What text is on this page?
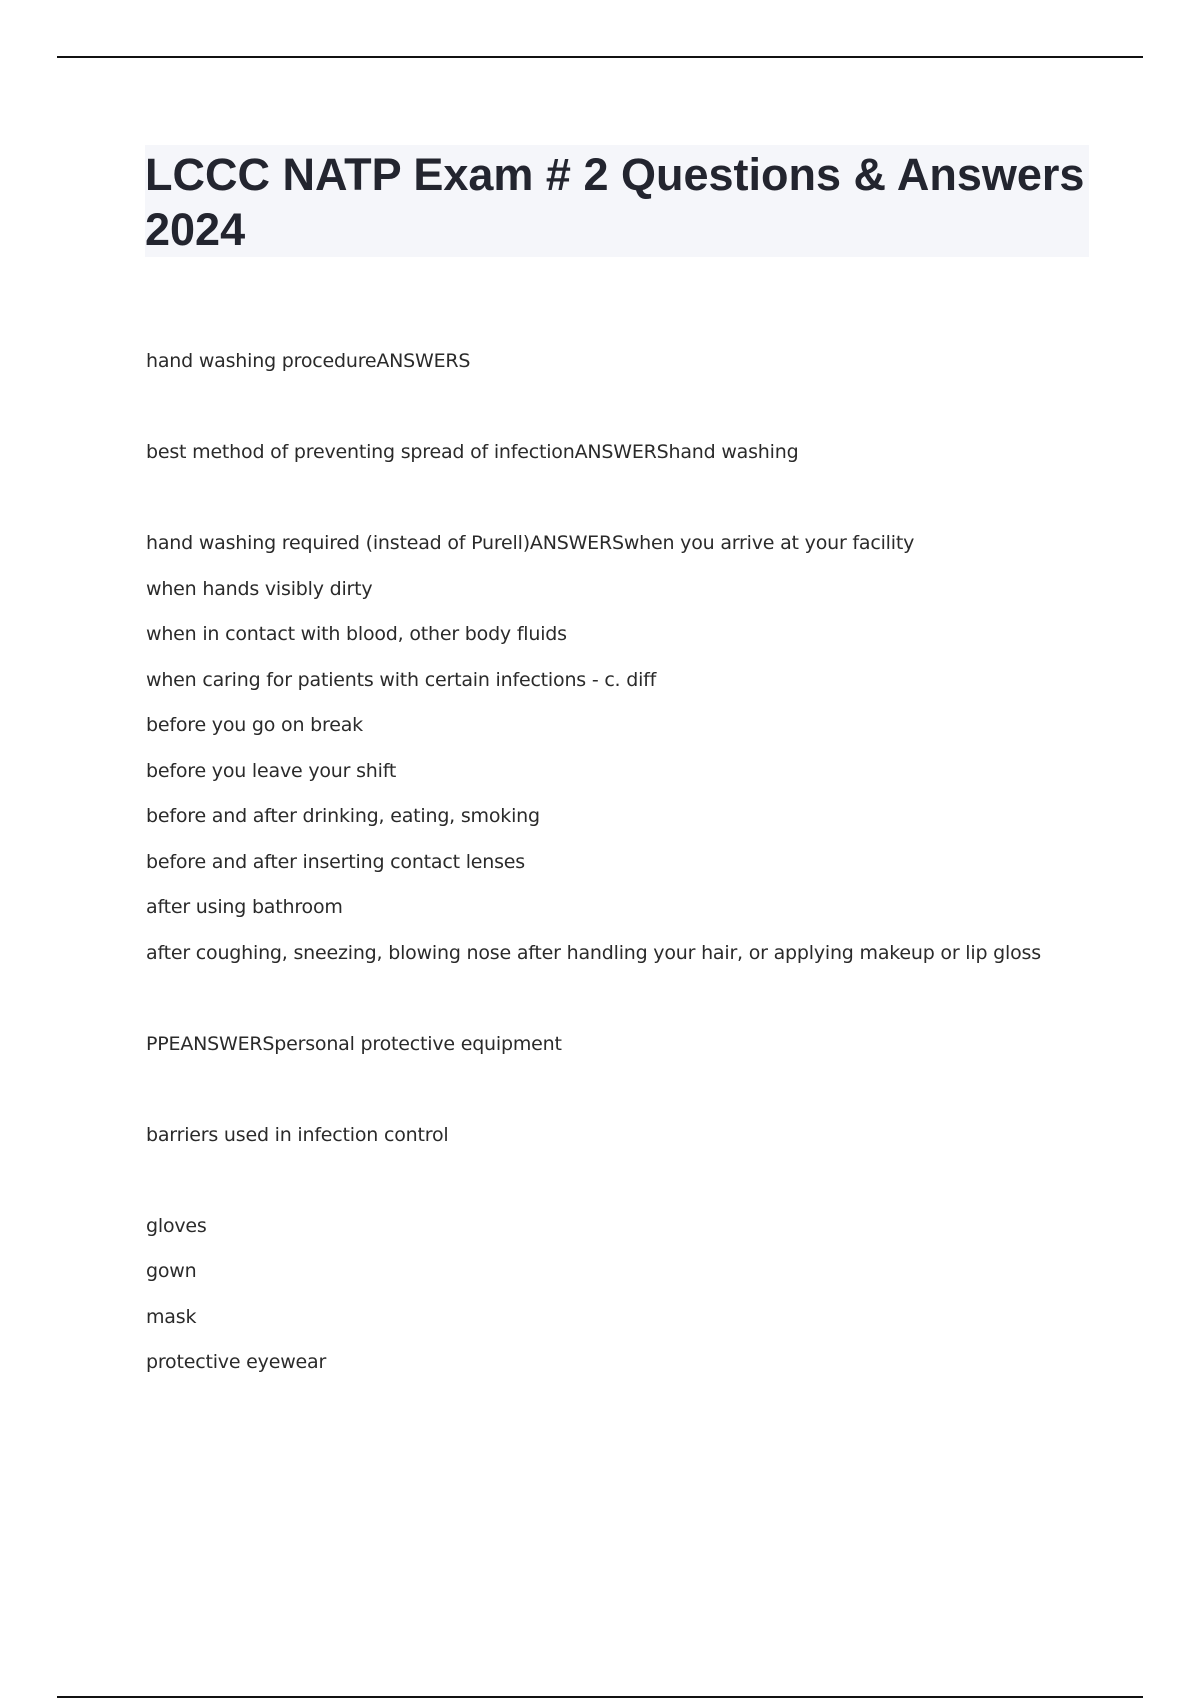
LCCC NATP Exam # 2 Questions & Answers 2024
hand washing procedureANSWERS
best method of preventing spread of infectionANSWERShand washing
hand washing required (instead of Purell)ANSWERSwhen you arrive at your facility
when hands visibly dirty
when in contact with blood, other body fluids
when caring for patients with certain infections - c. diff
before you go on break
before you leave your shift
before and after drinking, eating, smoking
before and after inserting contact lenses
after using bathroom
after coughing, sneezing, blowing nose after handling your hair, or applying makeup or lip gloss
PPEANSWERSpersonal protective equipment
barriers used in infection control
gloves
gown
mask
protective eyewear
